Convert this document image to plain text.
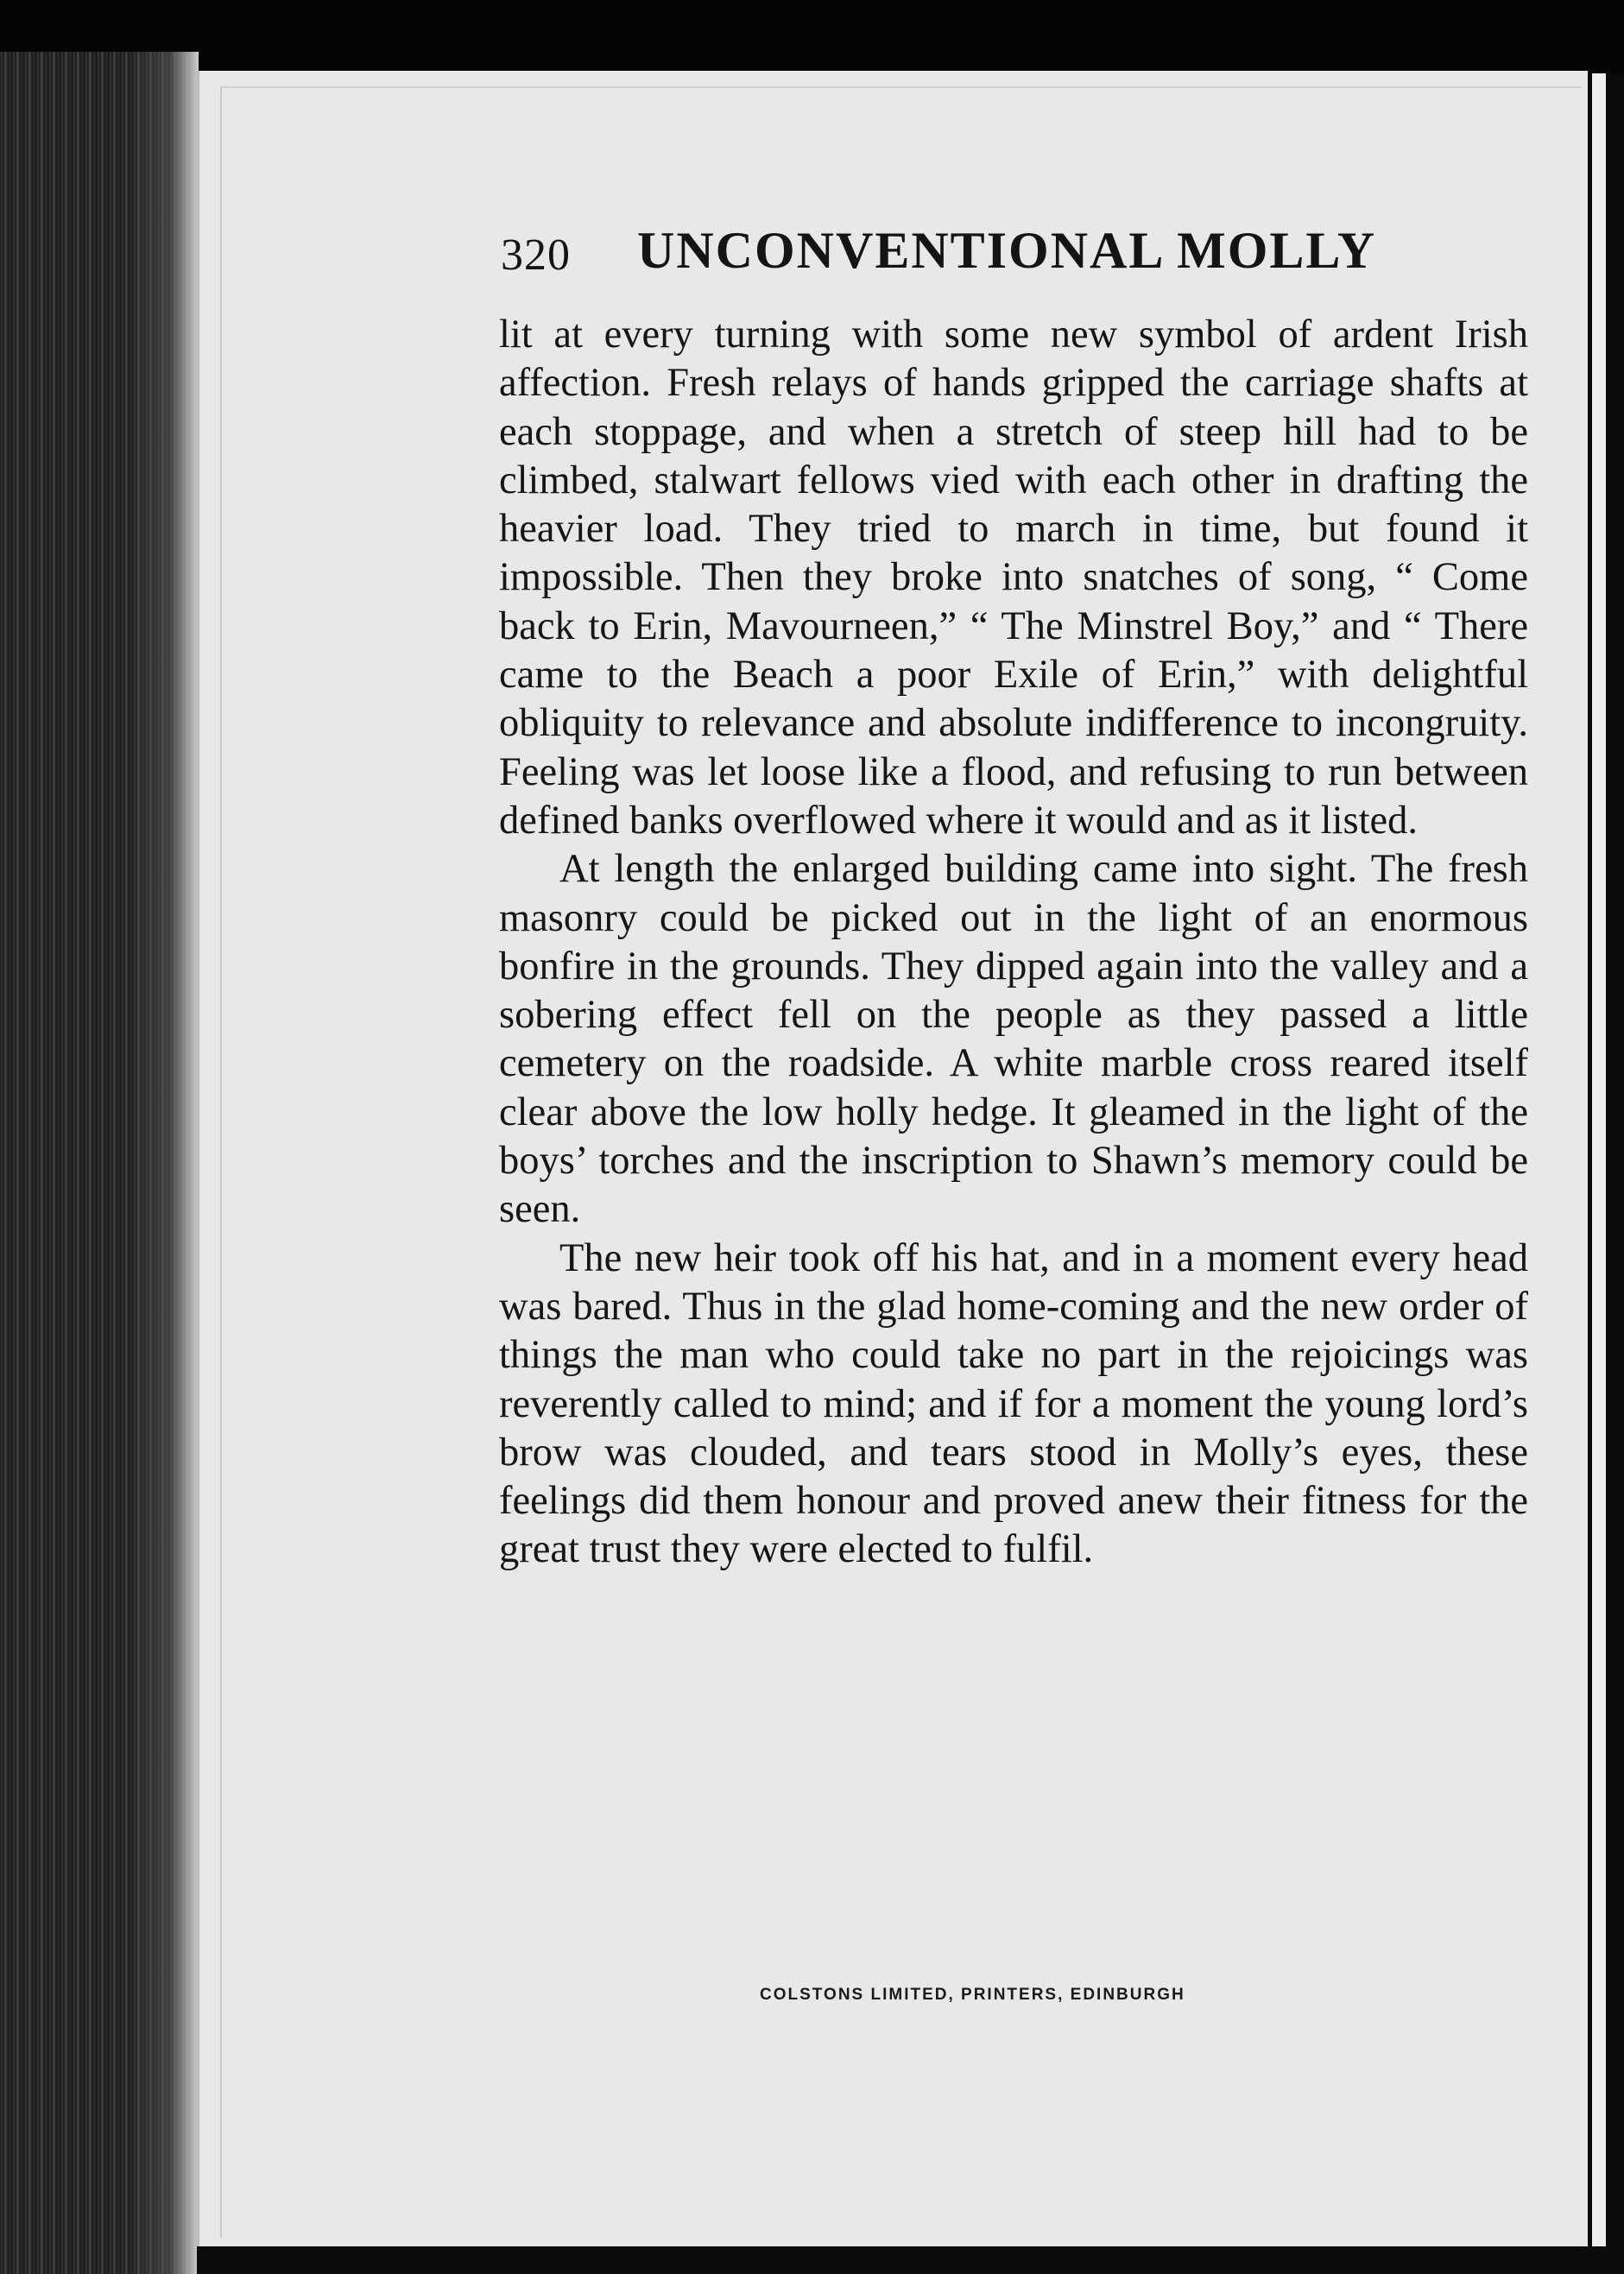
320 UNCONVENTIONAL MOLLY

lit at every turning with some new symbol of ardent Irish affection. Fresh relays of hands gripped the carriage shafts at each stoppage, and when a stretch of steep hill had to be climbed, stalwart fellows vied with each other in drafting the heavier load. They tried to march in time, but found it impossible. Then they broke into snatches of song, “ Come back to Erin, Mavourneen,” “ The Minstrel Boy,” and “ There came to the Beach a poor Exile of Erin,” with delightful obliquity to relevance and absolute indifference to incongruity. Feeling was let loose like a flood, and refusing to run between defined banks overflowed where it would and as it listed.

At length the enlarged building came into sight. The fresh masonry could be picked out in the light of an enormous bonfire in the grounds. They dipped again into the valley and a sobering effect fell on the people as they passed a little cemetery on the roadside. A white marble cross reared itself clear above the low holly hedge. It gleamed in the light of the boys’ torches and the inscription to Shawn’s memory could be seen.

The new heir took off his hat, and in a moment every head was bared. Thus in the glad home-coming and the new order of things the man who could take no part in the rejoicings was reverently called to mind; and if for a moment the young lord’s brow was clouded, and tears stood in Molly’s eyes, these feelings did them honour and proved anew their fitness for the great trust they were elected to fulfil.

COLSTONS LIMITED, PRINTERS, EDINBURGH
